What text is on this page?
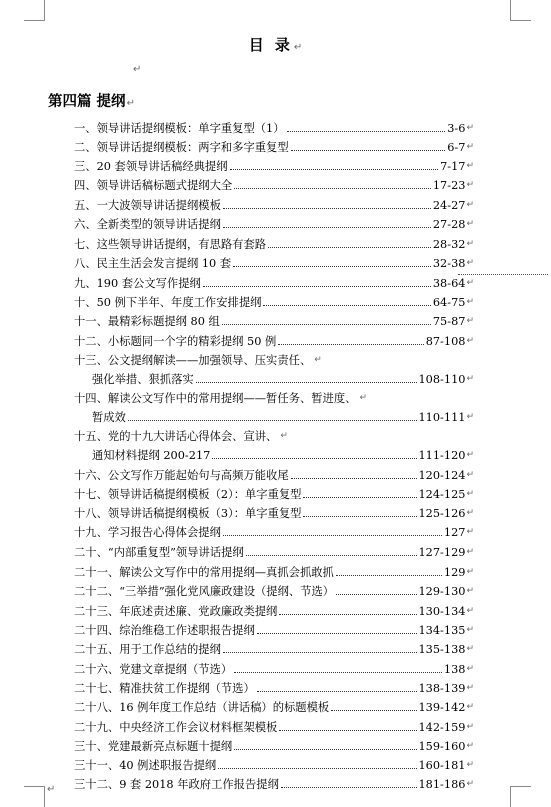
目 录↵
↵
第四篇 提纲↵
一、领导讲话提纲模板：单字重复型（1）	3-6 ↵
二、领导讲话提纲模板：两字和多字重复型	6-7 ↵
三、20 套领导讲话稿经典提纲	7-17 ↵
四、领导讲话稿标题式提纲大全	17-23 ↵
五、一大波领导讲话提纲模板	24-27 ↵
六、全新类型的领导讲话提纲	27-28 ↵
七、这些领导讲话提纲，有思路有套路	28-32 ↵
八、民主生活会发言提纲 10 套	32-38 ↵
九、190 套公文写作提纲	38-64 ↵
十、50 例下半年、年度工作安排提纲	64-75 ↵
十一、最精彩标题提纲 80 组	75-87 ↵
十二、小标题同一个字的精彩提纲 50 例	87-108 ↵
十三、公文提纲解读——加强领导、压实责任、 ↵
强化举措、狠抓落实	108-110 ↵
十四、解读公文写作中的常用提纲——暂任务、暂进度、 ↵
暂成效	110-111 ↵
十五、党的十九大讲话心得体会、宣讲、 ↵
通知材料提纲 200-217	111-120 ↵
十六、公文写作万能起始句与高频万能收尾	120-124 ↵
十七、领导讲话稿提纲模板（2）：单字重复型	124-125 ↵
十八、领导讲话稿提纲模板（3）：单字重复型	125-126 ↵
十九、学习报告心得体会提纲	127 ↵
二十、“内部重复型”领导讲话提纲	127-129 ↵
二十一、解读公文写作中的常用提纲—真抓会抓敢抓	129 ↵
二十二、“三举措”强化党风廉政建设（提纲、节选）	129-130 ↵
二十三、年底述责述廉、党政廉政类提纲	130-134 ↵
二十四、综治维稳工作述职报告提纲	134-135 ↵
二十五、用于工作总结的提纲	135-138 ↵
二十六、党建文章提纲（节选）	138 ↵
二十七、精准扶贫工作提纲（节选）	138-139 ↵
二十八、16 例年度工作总结（讲话稿）的标题模板	139-142 ↵
二十九、中央经济工作会议材料框架模板	142-159 ↵
三十、党建最新亮点标题十提纲	159-160 ↵
三十一、40 例述职报告提纲	160-181 ↵
三十二、9 套 2018 年政府工作报告提纲	181-186 ↵
↵
